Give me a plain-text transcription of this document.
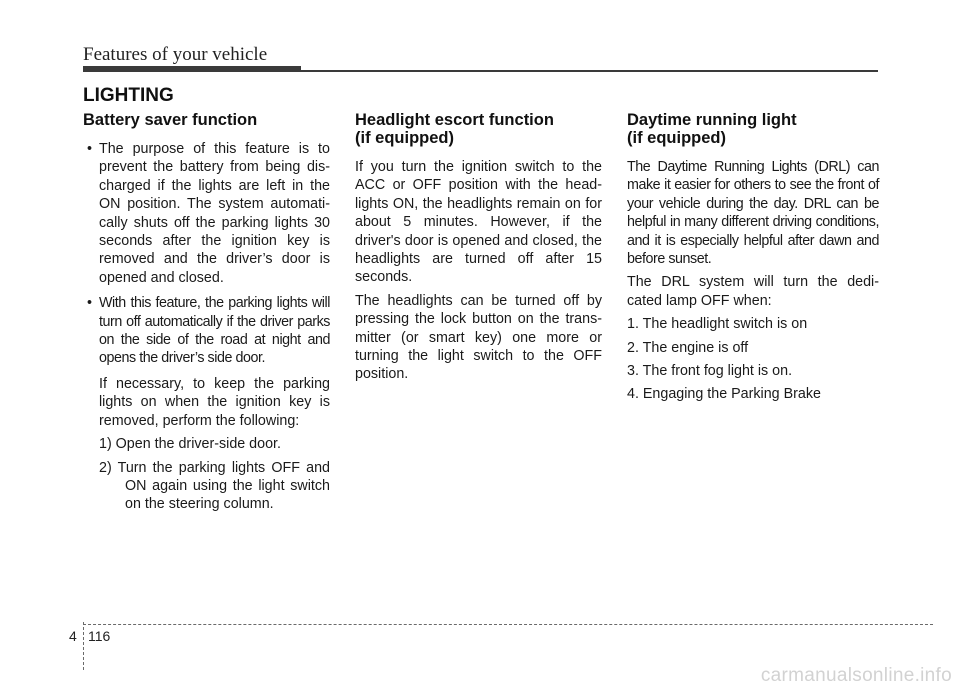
Features of your vehicle
LIGHTING
Battery saver function
• The purpose of this feature is to prevent the battery from being dis-charged if the lights are left in the ON position. The system automati-cally shuts off the parking lights 30 seconds after the ignition key is removed and the driver’s door is opened and closed.
• With this feature, the parking lights will turn off automatically if the driver parks on the side of the road at night and opens the driver’s side door.
If necessary, to keep the parking lights on when the ignition key is removed, perform the following:
1) Open the driver-side door.
2) Turn the parking lights OFF and ON again using the light switch on the steering column.
Headlight escort function
(if equipped)

If you turn the ignition switch to the ACC or OFF position with the head-lights ON, the headlights remain on for about 5 minutes. However, if the driver's door is opened and closed, the headlights are turned off after 15 seconds.

The headlights can be turned off by pressing the lock button on the trans-mitter (or smart key) one more or turning the light switch to the OFF position.

Daytime running light
(if equipped)

The Daytime Running Lights (DRL) can make it easier for others to see the front of your vehicle during the day. DRL can be helpful in many different driving conditions, and it is especially helpful after dawn and before sunset.

The DRL system will turn the dedi-cated lamp OFF when:

1. The headlight switch is on
2. The engine is off
3. The front fog light is on.
4. Engaging the Parking Brake
4 116
carmanualsonline.info
